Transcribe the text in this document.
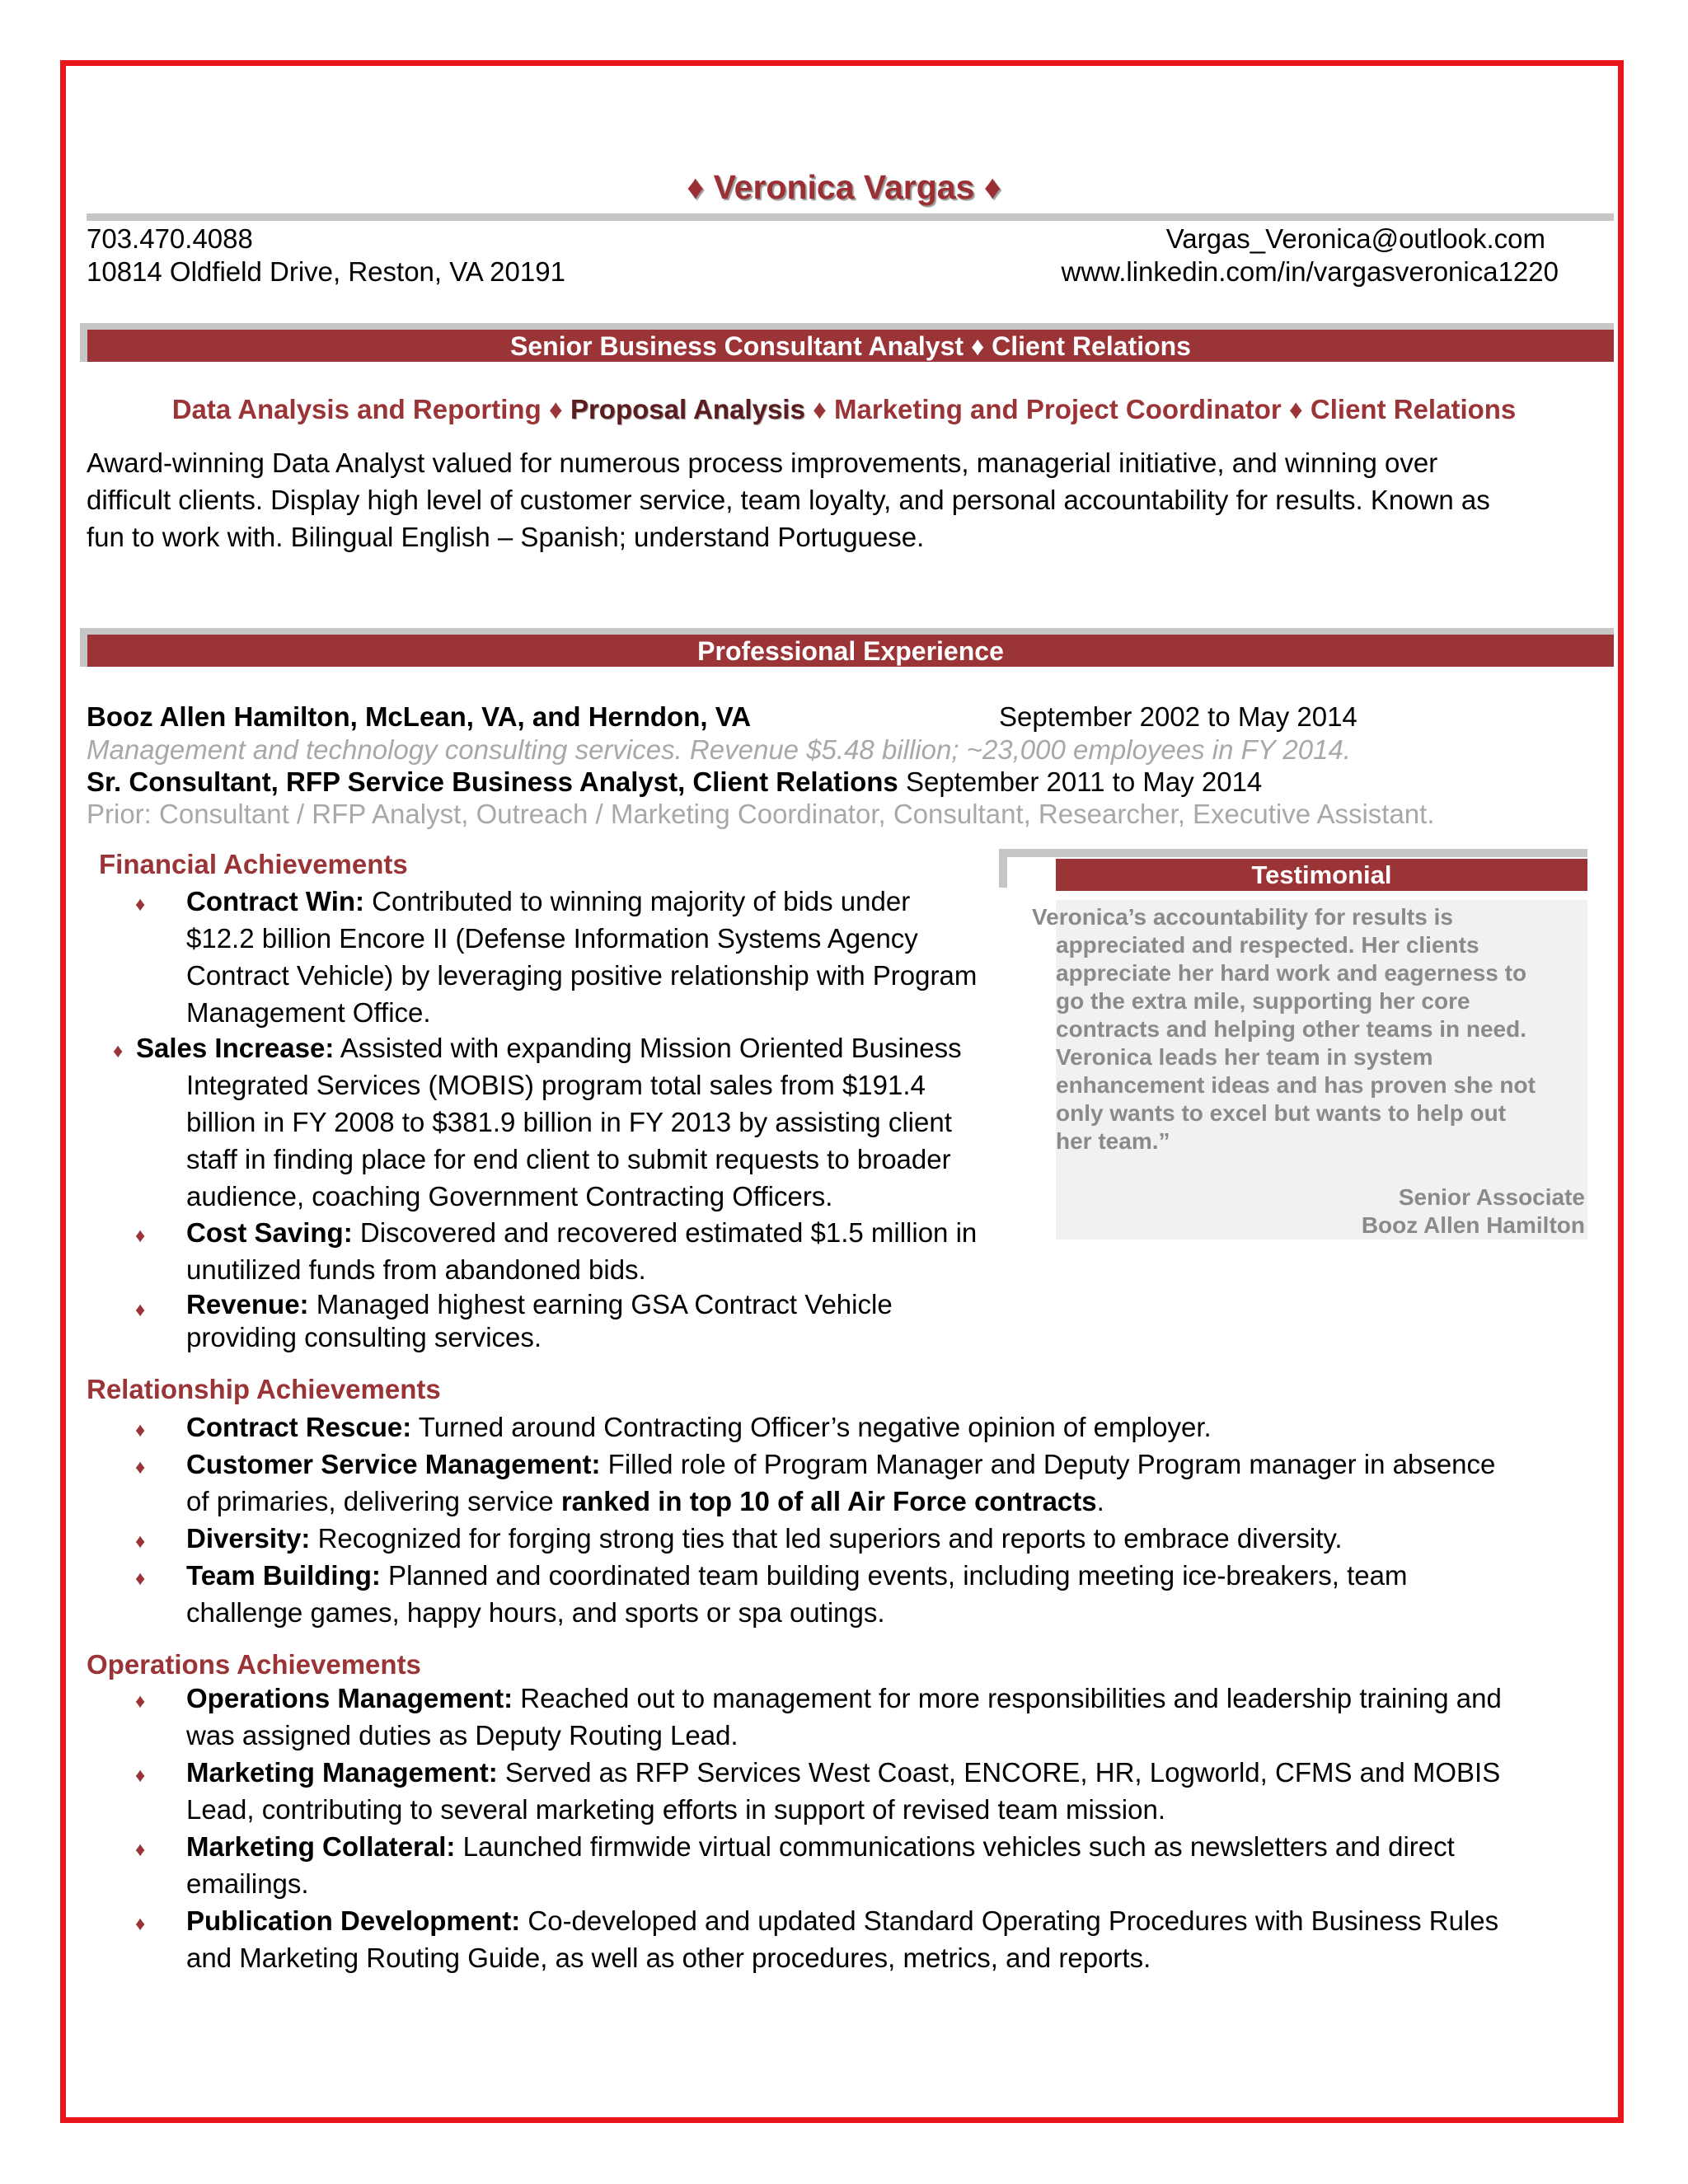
♦ Veronica Vargas ♦
703.470.4088
10814 Oldfield Drive, Reston, VA 20191
Vargas_Veronica@outlook.com
www.linkedin.com/in/vargasveronica1220
Senior Business Consultant Analyst ♦ Client Relations
Data Analysis and Reporting ♦ Proposal Analysis ♦ Marketing and Project Coordinator ♦ Client Relations
Award-winning Data Analyst valued for numerous process improvements, managerial initiative, and winning over
difficult clients. Display high level of customer service, team loyalty, and personal accountability for results. Known as
fun to work with. Bilingual English – Spanish; understand Portuguese.
Professional Experience
Booz Allen Hamilton, McLean, VA, and Herndon, VA	September 2002 to May 2014
Management and technology consulting services. Revenue $5.48 billion; ~23,000 employees in FY 2014.
Sr. Consultant, RFP Service Business Analyst, Client Relations September 2011 to May 2014
Prior: Consultant / RFP Analyst, Outreach / Marketing Coordinator, Consultant, Researcher, Executive Assistant.
Financial Achievements
♦ Contract Win: Contributed to winning majority of bids under
$12.2 billion Encore II (Defense Information Systems Agency
Contract Vehicle) by leveraging positive relationship with Program
Management Office.
♦ Sales Increase: Assisted with expanding Mission Oriented Business
Integrated Services (MOBIS) program total sales from $191.4
billion in FY 2008 to $381.9 billion in FY 2013 by assisting client
staff in finding place for end client to submit requests to broader
audience, coaching Government Contracting Officers.
♦ Cost Saving: Discovered and recovered estimated $1.5 million in
unutilized funds from abandoned bids.
♦ Revenue: Managed highest earning GSA Contract Vehicle
providing consulting services.
Testimonial
Veronica’s accountability for results is
appreciated and respected. Her clients
appreciate her hard work and eagerness to
go the extra mile, supporting her core
contracts and helping other teams in need.
Veronica leads her team in system
enhancement ideas and has proven she not
only wants to excel but wants to help out
her team.”
Senior Associate
Booz Allen Hamilton
Relationship Achievements
♦ Contract Rescue: Turned around Contracting Officer’s negative opinion of employer.
♦ Customer Service Management: Filled role of Program Manager and Deputy Program manager in absence
of primaries, delivering service ranked in top 10 of all Air Force contracts.
♦ Diversity: Recognized for forging strong ties that led superiors and reports to embrace diversity.
♦ Team Building: Planned and coordinated team building events, including meeting ice-breakers, team
challenge games, happy hours, and sports or spa outings.
Operations Achievements
♦ Operations Management: Reached out to management for more responsibilities and leadership training and
was assigned duties as Deputy Routing Lead.
♦ Marketing Management: Served as RFP Services West Coast, ENCORE, HR, Logworld, CFMS and MOBIS
Lead, contributing to several marketing efforts in support of revised team mission.
♦ Marketing Collateral: Launched firmwide virtual communications vehicles such as newsletters and direct
emailings.
♦ Publication Development: Co-developed and updated Standard Operating Procedures with Business Rules
and Marketing Routing Guide, as well as other procedures, metrics, and reports.
